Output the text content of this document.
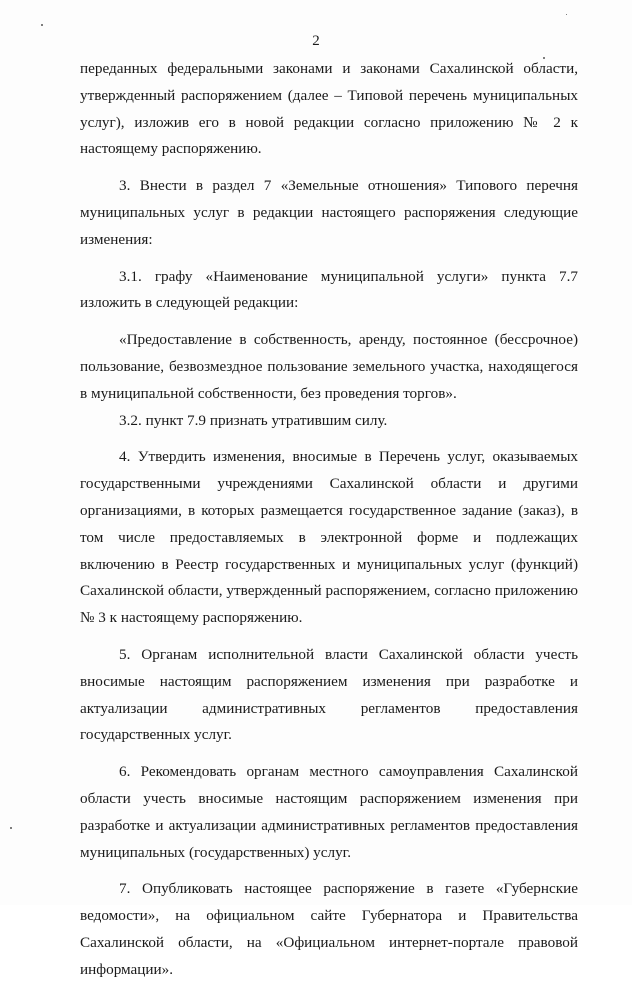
2

переданных федеральными законами и законами Сахалинской области, утвержденный распоряжением (далее – Типовой перечень муниципальных услуг), изложив его в новой редакции согласно приложению № 2 к настоящему распоряжению.

3. Внести в раздел 7 «Земельные отношения» Типового перечня муниципальных услуг в редакции настоящего распоряжения следующие изменения:

3.1. графу «Наименование муниципальной услуги» пункта 7.7 изложить в следующей редакции:

«Предоставление в собственность, аренду, постоянное (бессрочное) пользование, безвозмездное пользование земельного участка, находящегося в муниципальной собственности, без проведения торгов».

3.2. пункт 7.9 признать утратившим силу.

4. Утвердить изменения, вносимые в Перечень услуг, оказываемых государственными учреждениями Сахалинской области и другими организациями, в которых размещается государственное задание (заказ), в том числе предоставляемых в электронной форме и подлежащих включению в Реестр государственных и муниципальных услуг (функций) Сахалинской области, утвержденный распоряжением, согласно приложению № 3 к настоящему распоряжению.

5. Органам исполнительной власти Сахалинской области учесть вносимые настоящим распоряжением изменения при разработке и актуализации административных регламентов предоставления государственных услуг.

6. Рекомендовать органам местного самоуправления Сахалинской области учесть вносимые настоящим распоряжением изменения при разработке и актуализации административных регламентов предоставления муниципальных (государственных) услуг.

7. Опубликовать настоящее распоряжение в газете «Губернские ведомости», на официальном сайте Губернатора и Правительства Сахалинской области, на «Официальном интернет-портале правовой информации».
